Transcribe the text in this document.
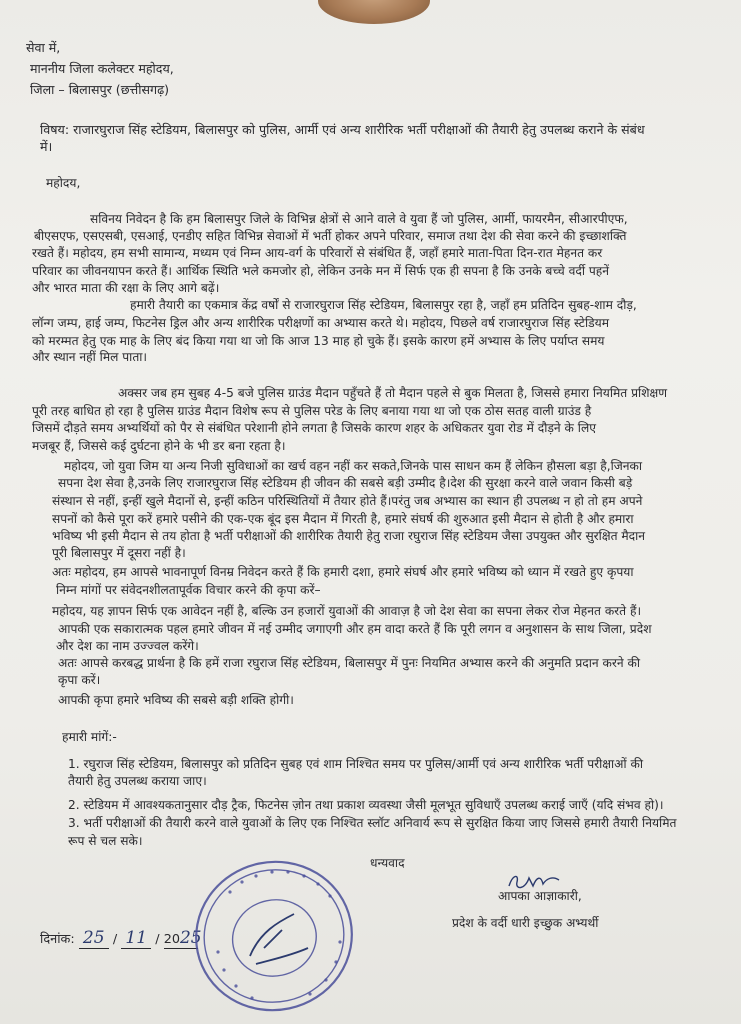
सेवा में,
माननीय जिला कलेक्टर महोदय,
जिला – बिलासपुर (छत्तीसगढ़)
विषय: राजारघुराज सिंह स्टेडियम, बिलासपुर को पुलिस, आर्मी एवं अन्य शारीरिक भर्ती परीक्षाओं की तैयारी हेतु उपलब्ध कराने के संबंध
में।
महोदय,
सविनय निवेदन है कि हम बिलासपुर जिले के विभिन्न क्षेत्रों से आने वाले वे युवा हैं जो पुलिस, आर्मी, फायरमैन, सीआरपीएफ,
बीएसएफ, एसएसबी, एसआई, एनडीए सहित विभिन्न सेवाओं में भर्ती होकर अपने परिवार, समाज तथा देश की सेवा करने की इच्छाशक्ति
रखते हैं। महोदय, हम सभी सामान्य, मध्यम एवं निम्न आय-वर्ग के परिवारों से संबंधित हैं, जहाँ हमारे माता-पिता दिन-रात मेहनत कर
परिवार का जीवनयापन करते हैं। आर्थिक स्थिति भले कमजोर हो, लेकिन उनके मन में सिर्फ एक ही सपना है कि उनके बच्चे वर्दी पहनें
और भारत माता की रक्षा के लिए आगे बढ़ें।
हमारी तैयारी का एकमात्र केंद्र वर्षों से राजारघुराज सिंह स्टेडियम, बिलासपुर रहा है, जहाँ हम प्रतिदिन सुबह-शाम दौड़,
लॉन्ग जम्प, हाई जम्प, फिटनेस ड्रिल और अन्य शारीरिक परीक्षणों का अभ्यास करते थे। महोदय, पिछले वर्ष राजारघुराज सिंह स्टेडियम
को मरम्मत हेतु एक माह के लिए बंद किया गया था जो कि आज 13 माह हो चुके हैं। इसके कारण हमें अभ्यास के लिए पर्याप्त समय
और स्थान नहीं मिल पाता।
अक्सर जब हम सुबह 4-5 बजे पुलिस ग्राउंड मैदान पहुँचते हैं तो मैदान पहले से बुक मिलता है, जिससे हमारा नियमित प्रशिक्षण
पूरी तरह बाधित हो रहा है पुलिस ग्राउंड मैदान विशेष रूप से पुलिस परेड के लिए बनाया गया था जो एक ठोस सतह वाली ग्राउंड है
जिसमें दौड़ते समय अभ्यर्थियों को पैर से संबंधित परेशानी होने लगता है जिसके कारण शहर के अधिकतर युवा रोड में दौड़ने के लिए
मजबूर हैं, जिससे कई दुर्घटना होने के भी डर बना रहता है।
महोदय, जो युवा जिम या अन्य निजी सुविधाओं का खर्च वहन नहीं कर सकते,जिनके पास साधन कम हैं लेकिन हौसला बड़ा है,जिनका
सपना देश सेवा है,उनके लिए राजारघुराज सिंह स्टेडियम ही जीवन की सबसे बड़ी उम्मीद है।देश की सुरक्षा करने वाले जवान किसी बड़े
संस्थान से नहीं, इन्हीं खुले मैदानों से, इन्हीं कठिन परिस्थितियों में तैयार होते हैं।परंतु जब अभ्यास का स्थान ही उपलब्ध न हो तो हम अपने
सपनों को कैसे पूरा करें हमारे पसीने की एक-एक बूंद इस मैदान में गिरती है, हमारे संघर्ष की शुरुआत इसी मैदान से होती है और हमारा
भविष्य भी इसी मैदान से तय होता है भर्ती परीक्षाओं की शारीरिक तैयारी हेतु राजा रघुराज सिंह स्टेडियम जैसा उपयुक्त और सुरक्षित मैदान
पूरी बिलासपुर में दूसरा नहीं है।
अतः महोदय, हम आपसे भावनापूर्ण विनम्र निवेदन करते हैं कि हमारी दशा, हमारे संघर्ष और हमारे भविष्य को ध्यान में रखते हुए कृपया
निम्न मांगों पर संवेदनशीलतापूर्वक विचार करने की कृपा करें–
महोदय, यह ज्ञापन सिर्फ एक आवेदन नहीं है, बल्कि उन हजारों युवाओं की आवाज़ है जो देश सेवा का सपना लेकर रोज मेहनत करते हैं।
आपकी एक सकारात्मक पहल हमारे जीवन में नई उम्मीद जगाएगी और हम वादा करते हैं कि पूरी लगन व अनुशासन के साथ जिला, प्रदेश
और देश का नाम उज्ज्वल करेंगे।
अतः आपसे करबद्ध प्रार्थना है कि हमें राजा रघुराज सिंह स्टेडियम, बिलासपुर में पुनः नियमित अभ्यास करने की अनुमति प्रदान करने की
कृपा करें।
आपकी कृपा हमारे भविष्य की सबसे बड़ी शक्ति होगी।
हमारी मांगें:-
1. रघुराज सिंह स्टेडियम, बिलासपुर को प्रतिदिन सुबह एवं शाम निश्चित समय पर पुलिस/आर्मी एवं अन्य शारीरिक भर्ती परीक्षाओं की
तैयारी हेतु उपलब्ध कराया जाए।
2. स्टेडियम में आवश्यकतानुसार दौड़ ट्रैक, फिटनेस ज़ोन तथा प्रकाश व्यवस्था जैसी मूलभूत सुविधाएँ उपलब्ध कराई जाएँ (यदि संभव हो)।
3. भर्ती परीक्षाओं की तैयारी करने वाले युवाओं के लिए एक निश्चित स्लॉट अनिवार्य रूप से सुरक्षित किया जाए जिससे हमारी तैयारी नियमित
रूप से चल सके।
धन्यवाद
आपका आज्ञाकारी,
प्रदेश के वर्दी धारी इच्छुक अभ्यर्थी
दिनांक: 25 / 11 / 2025
